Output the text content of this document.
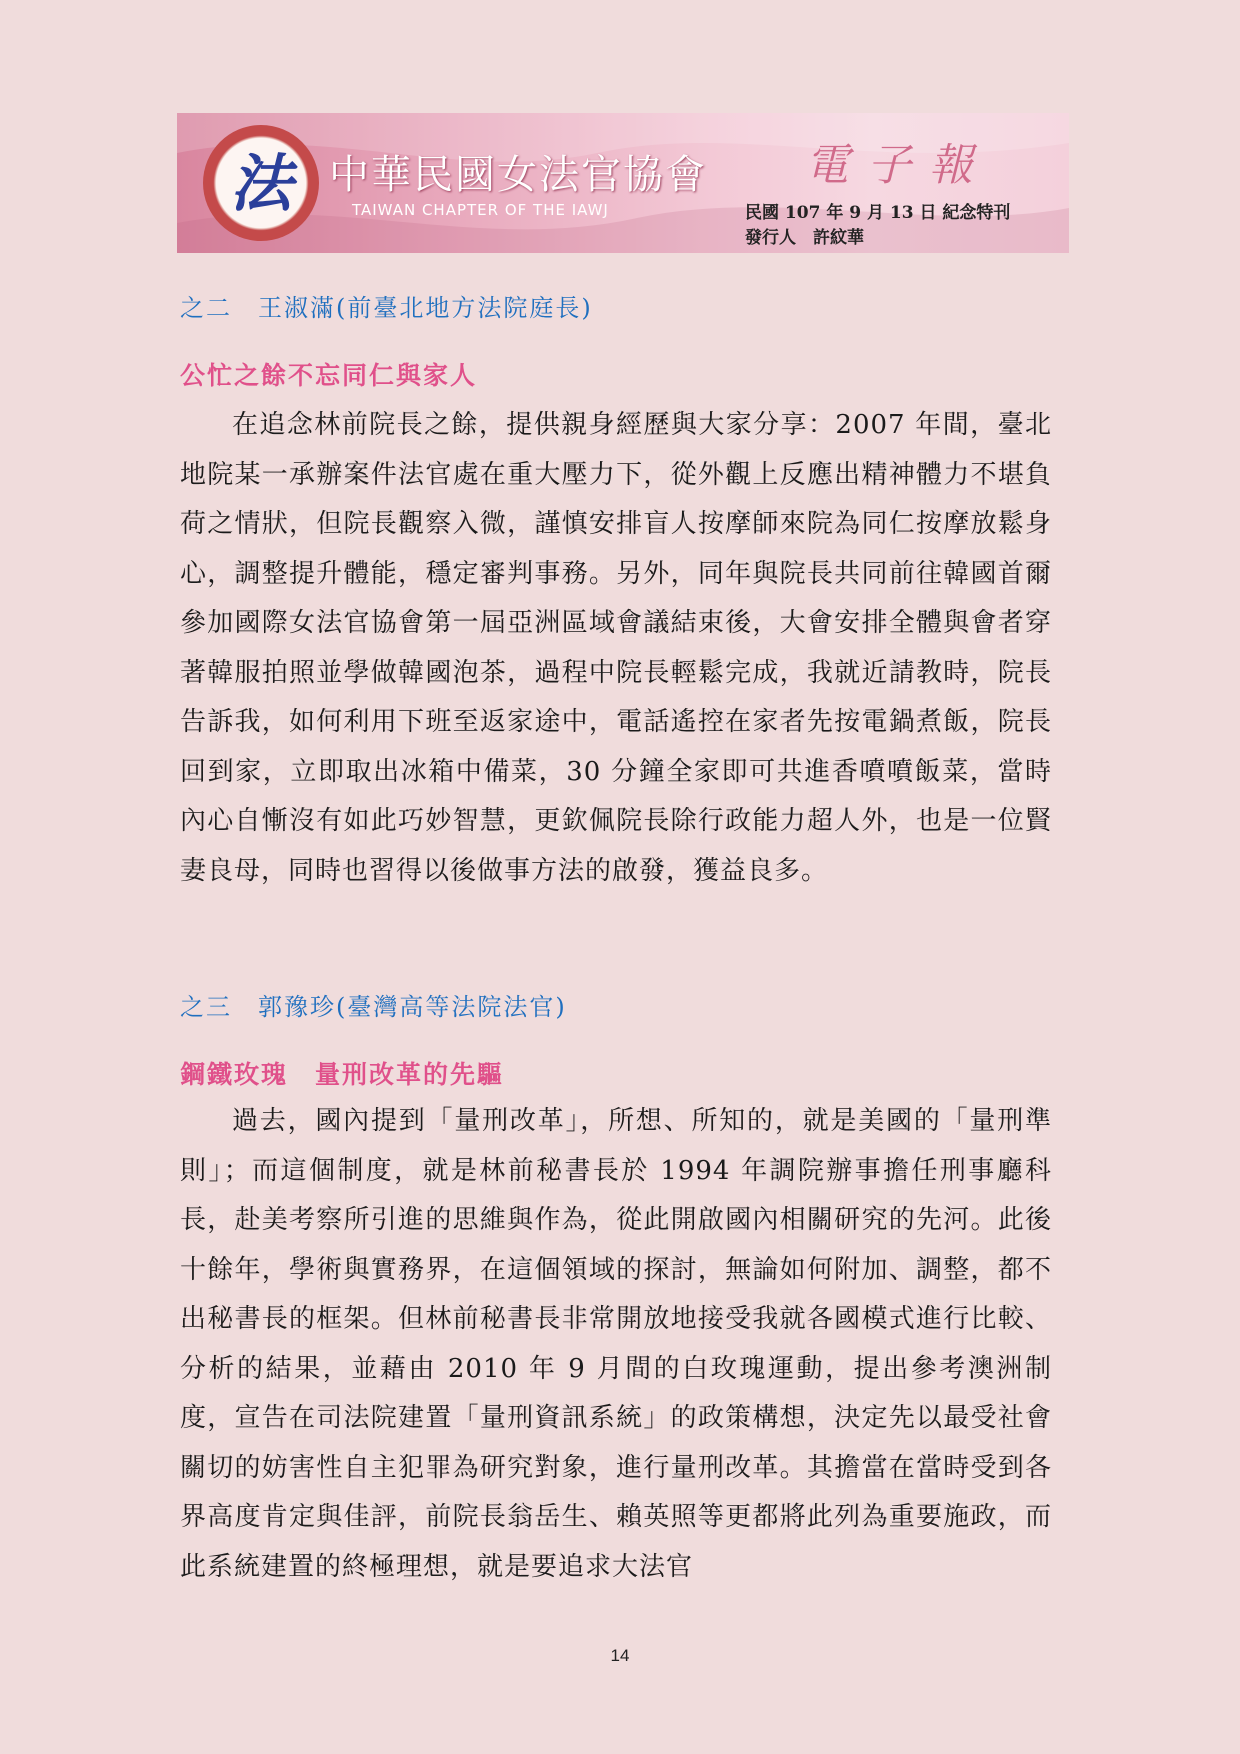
法 中華民國女法官協會
TAIWAN CHAPTER OF THE IAWJ
電子報
民國 107 年 9 月 13 日 紀念特刊
發行人　許紋華
之二　王淑滿(前臺北地方法院庭長)
公忙之餘不忘同仁與家人

在追念林前院長之餘，提供親身經歷與大家分享：2007 年間，臺北地院某一承辦案件法官處在重大壓力下，從外觀上反應出精神體力不堪負荷之情狀，但院長觀察入微，謹慎安排盲人按摩師來院為同仁按摩放鬆身心，調整提升體能，穩定審判事務。另外，同年與院長共同前往韓國首爾參加國際女法官協會第一屆亞洲區域會議結束後，大會安排全體與會者穿著韓服拍照並學做韓國泡茶，過程中院長輕鬆完成，我就近請教時，院長告訴我，如何利用下班至返家途中，電話遙控在家者先按電鍋煮飯，院長回到家，立即取出冰箱中備菜，30 分鐘全家即可共進香噴噴飯菜，當時內心自慚沒有如此巧妙智慧，更欽佩院長除行政能力超人外，也是一位賢妻良母，同時也習得以後做事方法的啟發，獲益良多。

之三　郭豫珍(臺灣高等法院法官)
鋼鐵玫瑰　量刑改革的先驅

過去，國內提到「量刑改革」，所想、所知的，就是美國的「量刑準則」；而這個制度，就是林前秘書長於 1994 年調院辦事擔任刑事廳科長，赴美考察所引進的思維與作為，從此開啟國內相關研究的先河。此後十餘年，學術與實務界，在這個領域的探討，無論如何附加、調整，都不出秘書長的框架。但林前秘書長非常開放地接受我就各國模式進行比較、分析的結果，並藉由 2010 年 9 月間的白玫瑰運動，提出參考澳洲制度，宣告在司法院建置「量刑資訊系統」的政策構想，決定先以最受社會關切的妨害性自主犯罪為研究對象，進行量刑改革。其擔當在當時受到各界高度肯定與佳評，前院長翁岳生、賴英照等更都將此列為重要施政，而此系統建置的終極理想，就是要追求大法官

14
